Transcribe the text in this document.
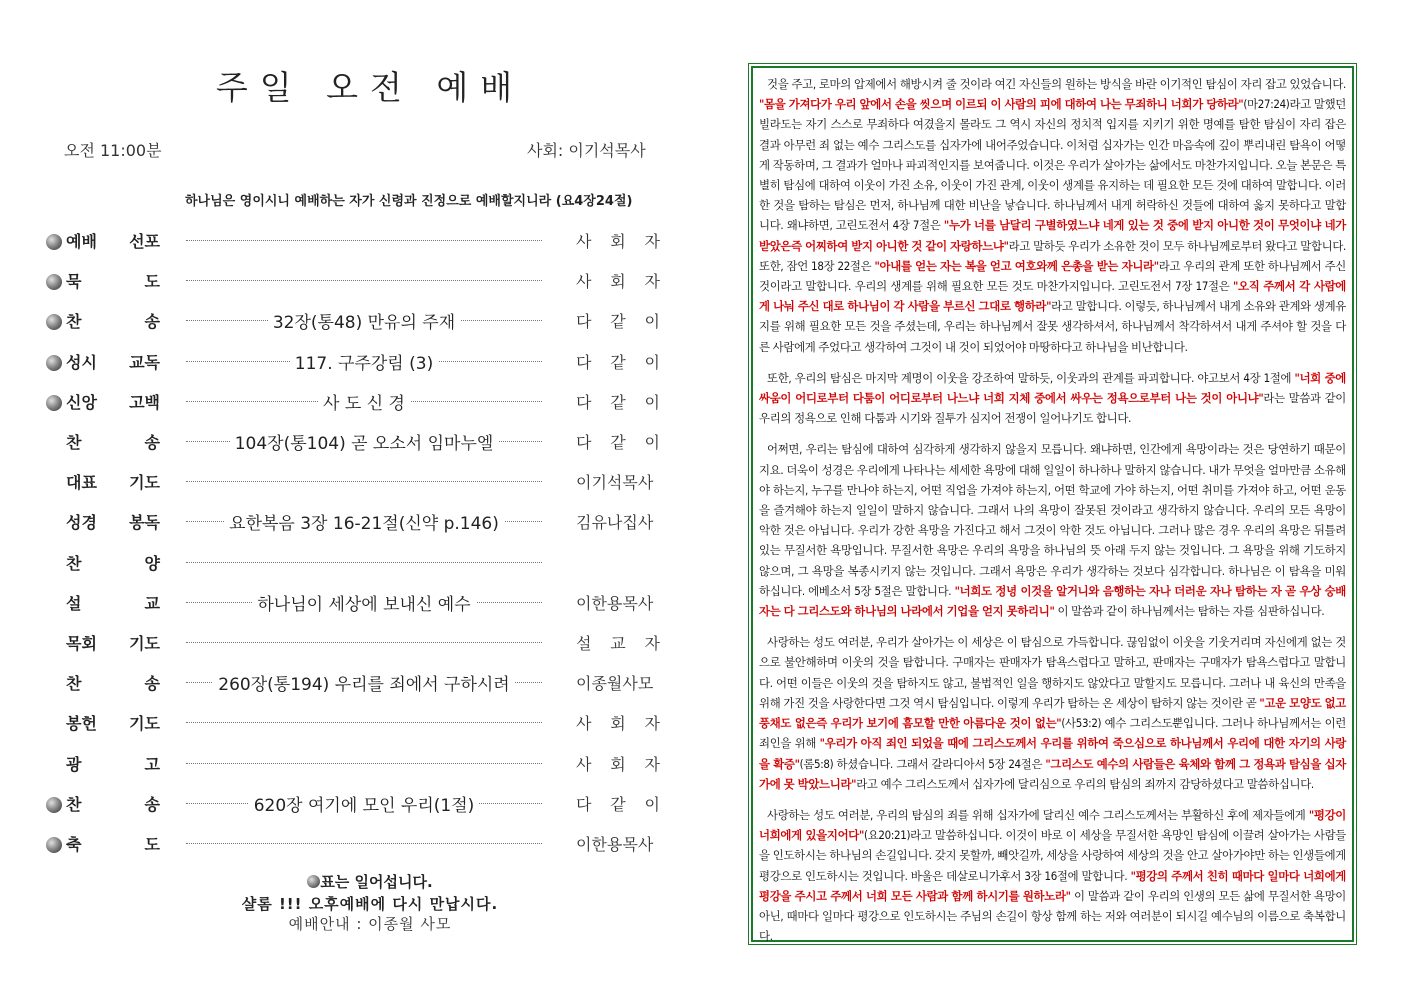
주일 오전 예배
오전 11:00분	사회: 이기석목사
하나님은 영이시니 예배하는 자가 신령과 진정으로 예배할지니라 (요4장24절)
예배 선포	사 회 자
묵	도	사 회 자
찬	송	32장(통48) 만유의 주재	다 같 이
성시 교독	117. 구주강림 (3)	다 같 이
신앙 고백	사 도 신 경	다 같 이
찬	송	104장(통104) 곧 오소서 임마누엘	다 같 이
대표 기도	이기석목사
성경 봉독	요한복음 3장 16-21절(신약 p.146)	김유나집사
찬	양
설	교	하나님이 세상에 보내신 예수	이한용목사
목회 기도	설 교 자
찬	송	260장(통194) 우리를 죄에서 구하시려	이종월사모
봉헌 기도	사 회 자
광	고	사 회 자
찬	송	620장 여기에 모인 우리(1절)	다 같 이
축	도	이한용목사
표는 일어섭니다.
샬롬 !!! 오후예배에 다시 만납시다.
예배안내 : 이종월 사모

것을 주고, 로마의 압제에서 해방시켜 줄 것이라 여긴 자신들의 원하는 방식을 바란 이기적인 탐심이 자리 잡고 있었습니다. "몸을 가져다가 우리 앞에서 손을 씻으며 이르되 이 사람의 피에 대하여 나는 무죄하니 너희가 당하라"(마27:24)라고 말했던 빌라도는 자기 스스로 무죄하다 여겼을지 몰라도 그 역시 자신의 정치적 입지를 지키기 위한 명예를 탐한 탐심이 자리 잡은 결과 아무런 죄 없는 예수 그리스도를 십자가에 내어주었습니다. 이처럼 십자가는 인간 마음속에 깊이 뿌리내린 탐욕이 어떻게 작동하며, 그 결과가 얼마나 파괴적인지를 보여줍니다. 이것은 우리가 살아가는 삶에서도 마찬가지입니다. 오늘 본문은 특별히 탐심에 대하여 이웃이 가진 소유, 이웃이 가진 관계, 이웃이 생계를 유지하는 데 필요한 모든 것에 대하여 말합니다. 이러한 것을 탐하는 탐심은 먼저, 하나님께 대한 비난을 낳습니다. 하나님께서 내게 허락하신 것들에 대하여 옳지 못하다고 말합니다. 왜냐하면, 고린도전서 4장 7절은 "누가 너를 남달리 구별하였느냐 네게 있는 것 중에 받지 아니한 것이 무엇이냐 네가 받았은즉 어찌하여 받지 아니한 것 같이 자랑하느냐"라고 말하듯 우리가 소유한 것이 모두 하나님께로부터 왔다고 말합니다. 또한, 잠언 18장 22절은 "아내를 얻는 자는 복을 얻고 여호와께 은총을 받는 자니라"라고 우리의 관계 또한 하나님께서 주신 것이라고 말합니다. 우리의 생계를 위해 필요한 모든 것도 마찬가지입니다. 고린도전서 7장 17절은 "오직 주께서 각 사람에게 나눠 주신 대로 하나님이 각 사람을 부르신 그대로 행하라"라고 말합니다. 이렇듯, 하나님께서 내게 소유와 관계와 생계유지를 위해 필요한 모든 것을 주셨는데, 우리는 하나님께서 잘못 생각하셔서, 하나님께서 착각하셔서 내게 주셔야 할 것을 다른 사람에게 주었다고 생각하여 그것이 내 것이 되었어야 마땅하다고 하나님을 비난합니다.

또한, 우리의 탐심은 마지막 계명이 이웃을 강조하여 말하듯, 이웃과의 관계를 파괴합니다. 야고보서 4장 1절에 "너희 중에 싸움이 어디로부터 다툼이 어디로부터 나느냐 너희 지체 중에서 싸우는 정욕으로부터 나는 것이 아니냐"라는 말씀과 같이 우리의 정욕으로 인해 다툼과 시기와 질투가 심지어 전쟁이 일어나기도 합니다.

어쩌면, 우리는 탐심에 대하여 심각하게 생각하지 않을지 모릅니다. 왜냐하면, 인간에게 욕망이라는 것은 당연하기 때문이지요. 더욱이 성경은 우리에게 나타나는 세세한 욕망에 대해 일일이 하나하나 말하지 않습니다. 내가 무엇을 얼마만큼 소유해야 하는지, 누구를 만나야 하는지, 어떤 직업을 가져야 하는지, 어떤 학교에 가야 하는지, 어떤 취미를 가져야 하고, 어떤 운동을 즐겨해야 하는지 일일이 말하지 않습니다. 그래서 나의 욕망이 잘못된 것이라고 생각하지 않습니다. 우리의 모든 욕망이 악한 것은 아닙니다. 우리가 강한 욕망을 가진다고 해서 그것이 악한 것도 아닙니다. 그러나 많은 경우 우리의 욕망은 뒤틀려 있는 무질서한 욕망입니다. 무질서한 욕망은 우리의 욕망을 하나님의 뜻 아래 두지 않는 것입니다. 그 욕망을 위해 기도하지 않으며, 그 욕망을 복종시키지 않는 것입니다. 그래서 욕망은 우리가 생각하는 것보다 심각합니다. 하나님은 이 탐욕을 미워하십니다. 에베소서 5장 5절은 말합니다. "너희도 정녕 이것을 알거니와 음행하는 자나 더러운 자나 탐하는 자 곧 우상 숭배자는 다 그리스도와 하나님의 나라에서 기업을 얻지 못하리니" 이 말씀과 같이 하나님께서는 탐하는 자를 심판하십니다.

사랑하는 성도 여러분, 우리가 살아가는 이 세상은 이 탐심으로 가득합니다. 끊임없이 이웃을 기웃거리며 자신에게 없는 것으로 불안해하며 이웃의 것을 탐합니다. 구매자는 판매자가 탐욕스럽다고 말하고, 판매자는 구매자가 탐욕스럽다고 말합니다. 어떤 이들은 이웃의 것을 탐하지도 않고, 불법적인 일을 행하지도 않았다고 말할지도 모릅니다. 그러나 내 육신의 만족을 위해 가진 것을 사랑한다면 그것 역시 탐심입니다. 이렇게 우리가 탐하는 온 세상이 탐하지 않는 것이란 곧 "고운 모양도 없고 풍채도 없은즉 우리가 보기에 흠모할 만한 아름다운 것이 없는"(사53:2) 예수 그리스도뿐입니다. 그러나 하나님께서는 이런 죄인을 위해 "우리가 아직 죄인 되었을 때에 그리스도께서 우리를 위하여 죽으심으로 하나님께서 우리에 대한 자기의 사랑을 확증"(롬5:8) 하셨습니다. 그래서 갈라디아서 5장 24절은 "그리스도 예수의 사람들은 육체와 함께 그 정욕과 탐심을 십자가에 못 박았느니라"라고 예수 그리스도께서 십자가에 달리심으로 우리의 탐심의 죄까지 감당하셨다고 말씀하십니다.

사랑하는 성도 여러분, 우리의 탐심의 죄를 위해 십자가에 달리신 예수 그리스도께서는 부활하신 후에 제자들에게 "평강이 너희에게 있을지어다"(요20:21)라고 말씀하십니다. 이것이 바로 이 세상을 무질서한 욕망인 탐심에 이끌려 살아가는 사람들을 인도하시는 하나님의 손길입니다. 갖지 못할까, 빼앗길까, 세상을 사랑하여 세상의 것을 안고 살아가야만 하는 인생들에게 평강으로 인도하시는 것입니다. 바울은 데살로니가후서 3장 16절에 말합니다. "평강의 주께서 친히 때마다 일마다 너희에게 평강을 주시고 주께서 너희 모든 사람과 함께 하시기를 원하노라" 이 말씀과 같이 우리의 인생의 모든 삶에 무질서한 욕망이 아닌, 때마다 일마다 평강으로 인도하시는 주님의 손길이 항상 함께 하는 저와 여러분이 되시길 예수님의 이름으로 축복합니다.
